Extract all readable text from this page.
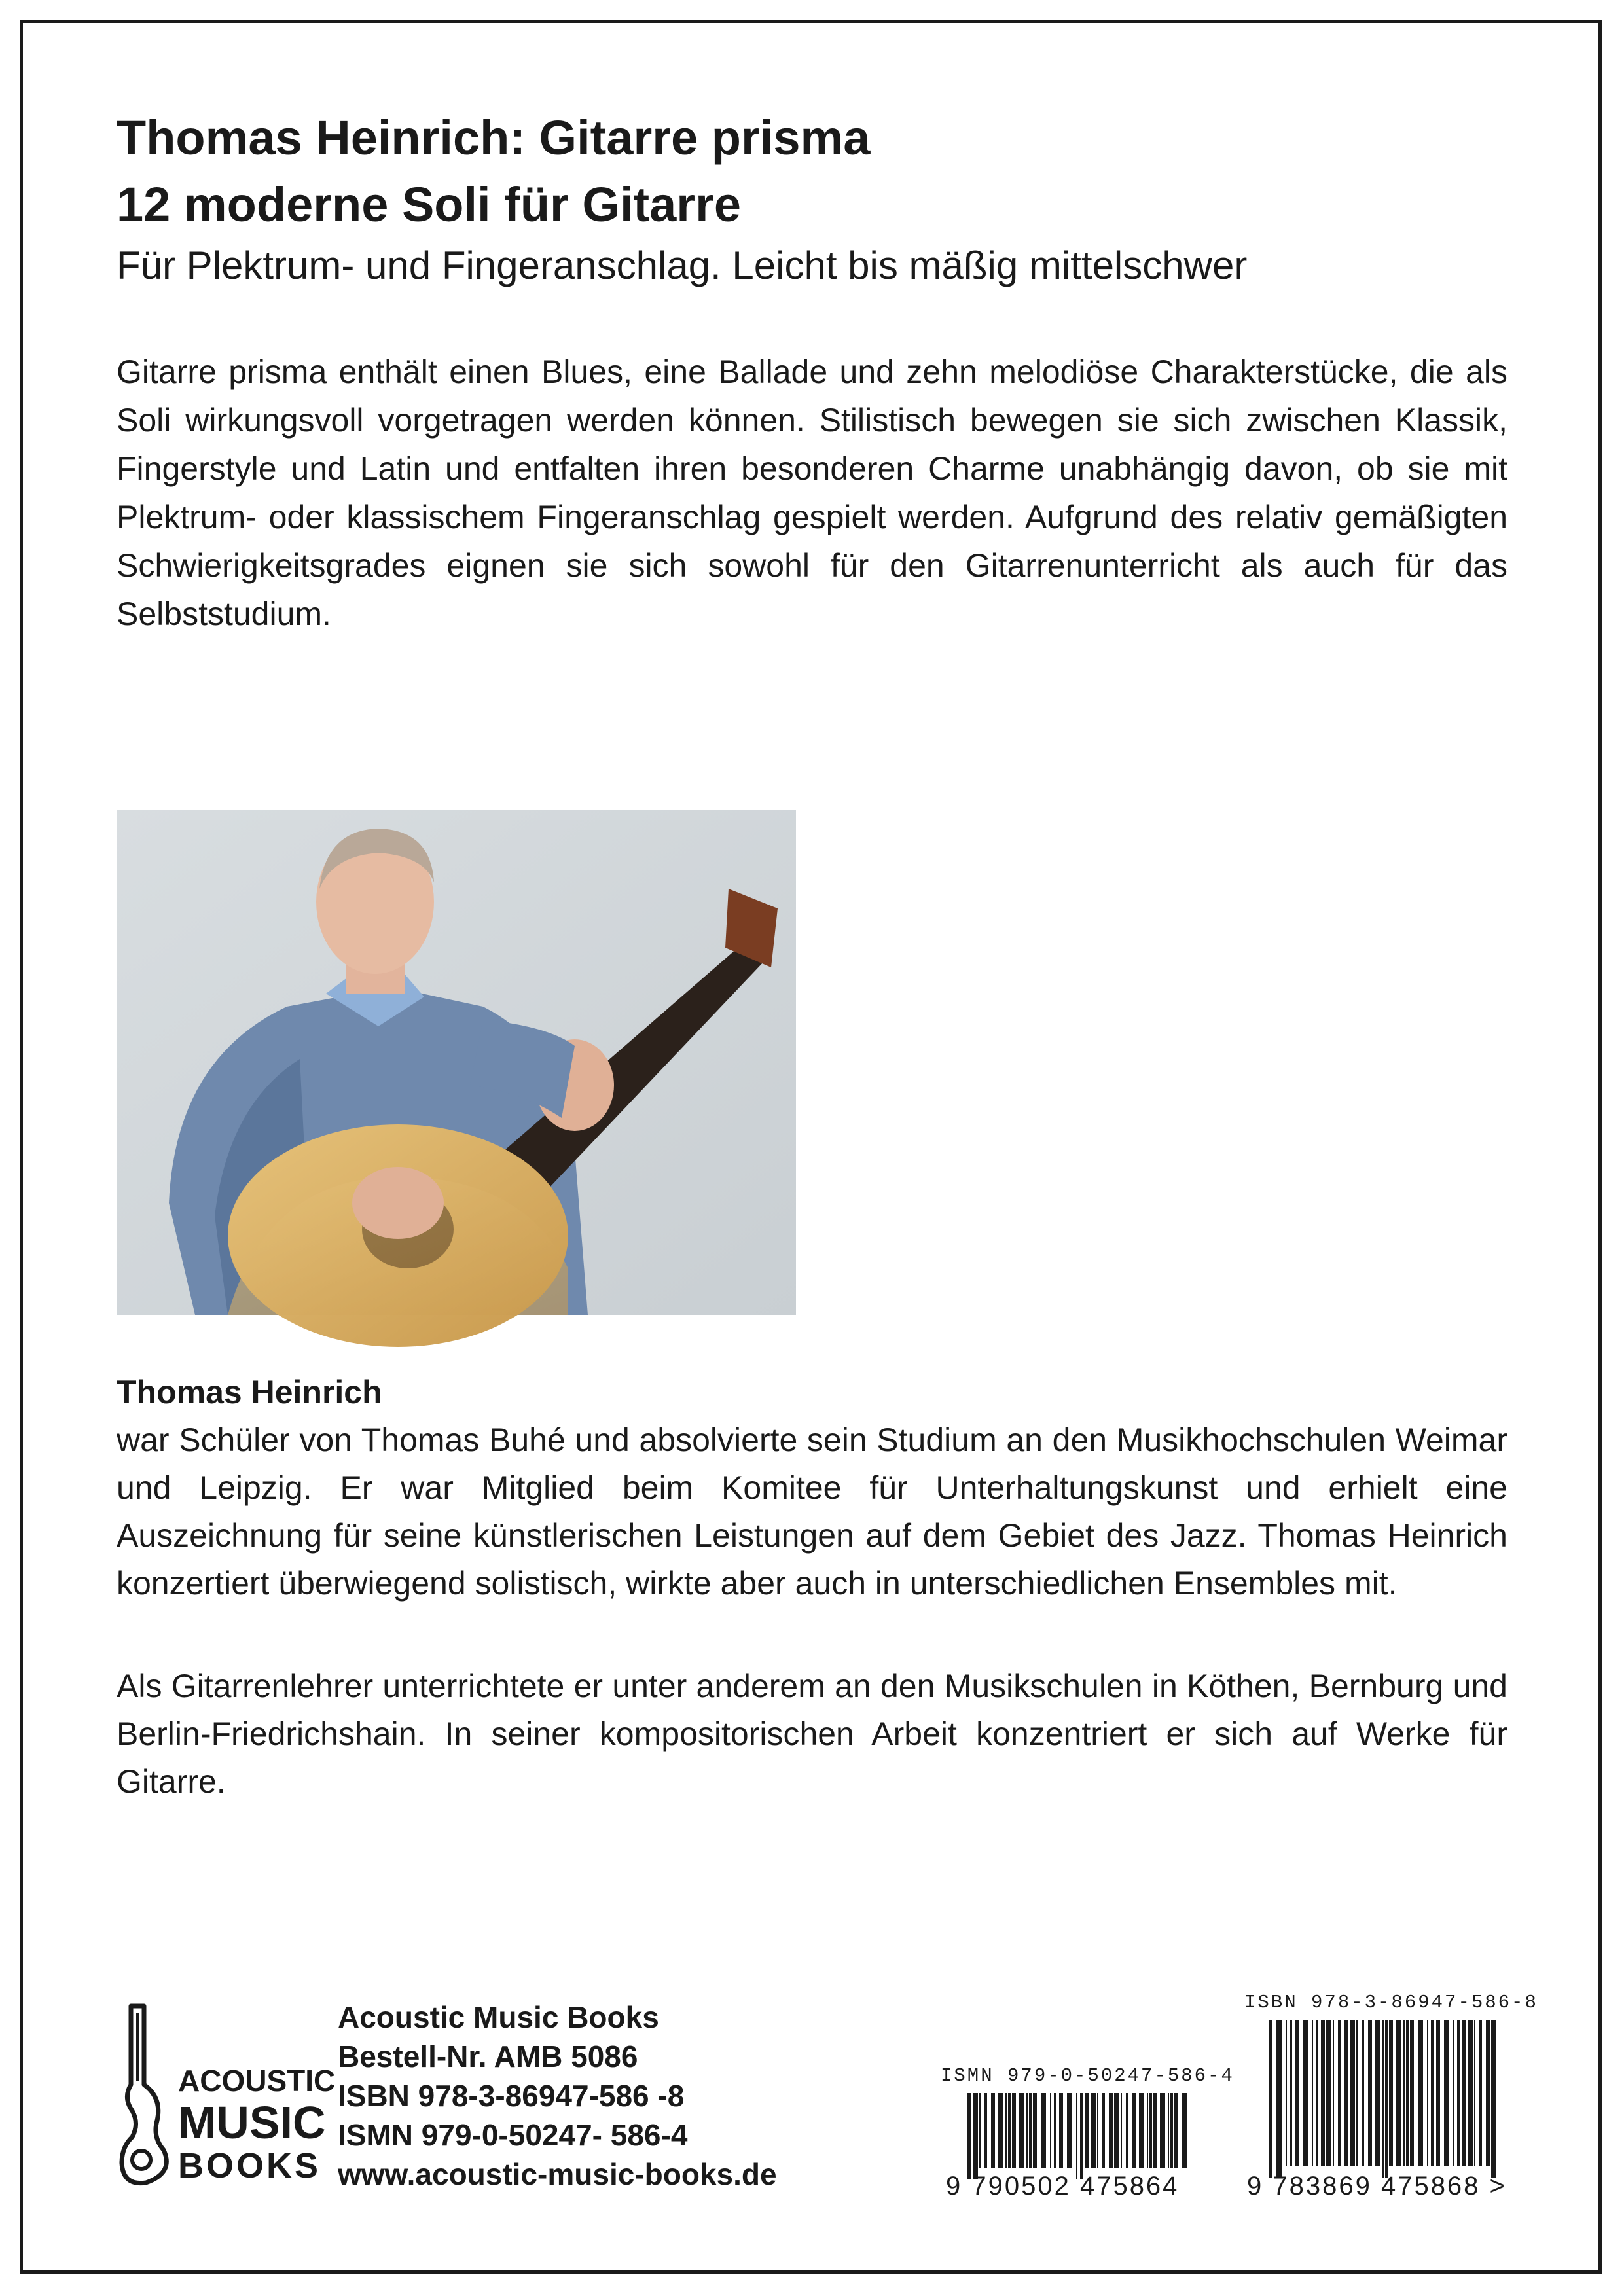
Thomas Heinrich: Gitarre prisma
12 moderne Soli für Gitarre
Für Plektrum- und Fingeranschlag. Leicht bis mäßig mittelschwer
Gitarre prisma enthält einen Blues, eine Ballade und zehn melodiöse Charakterstücke, die als Soli wirkungsvoll vorgetragen werden können. Stilistisch bewegen sie sich zwischen Klassik, Fingerstyle und Latin und entfalten ihren besonderen Charme unabhängig davon, ob sie mit Plektrum- oder klassischem Fingeranschlag gespielt werden. Aufgrund des relativ gemäßigten Schwierigkeitsgrades eignen sie sich sowohl für den Gitarrenunterricht als auch für das Selbststudium.
Thomas Heinrich
war Schüler von Thomas Buhé und absolvierte sein Studium an den Musikhochschulen Weimar und Leipzig. Er war Mitglied beim Komitee für Unterhaltungskunst und erhielt eine Auszeichnung für seine künstlerischen Leistungen auf dem Gebiet des Jazz. Thomas Heinrich konzertiert überwiegend solistisch, wirkte aber auch in unterschiedlichen Ensembles mit.
Als Gitarrenlehrer unterrichtete er unter anderem an den Musikschulen in Köthen, Bernburg und Berlin-Friedrichshain. In seiner kompositorischen Arbeit konzentriert er sich auf Werke für Gitarre.
ACOUSTIC
MUSIC
BOOKS
Acoustic Music Books
Bestell-Nr. AMB 5086
ISBN 978-3-86947-586 -8
ISMN 979-0-50247- 586-4
www.acoustic-music-books.de
ISMN 979-0-50247-586-4
9 790502 475864
ISBN 978-3-86947-586-8
9 783869 475868 >
